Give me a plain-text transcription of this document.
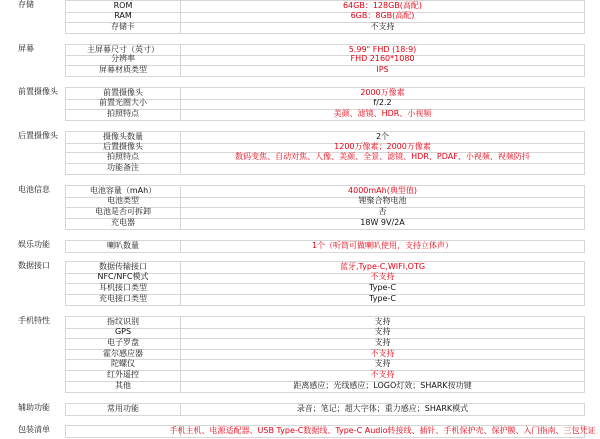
存储	ROM	64GB：128GB(高配)
RAM	6GB：8GB(高配)
存储卡	不支持
屏幕	主屏幕尺寸（英寸）	5.99" FHD (18:9)
分辨率	FHD 2160*1080
屏幕材质类型	IPS
前置摄像头	前置摄像头	2000万像素
前置光圈大小	f/2.2
拍照特点	美颜、滤镜、HDR、小视频
后置摄像头	摄像头数量	2个
后置摄像头	1200万像素；2000万像素
拍照特点	数码变焦、自动对焦、人像、美颜、全景、滤镜、HDR、PDAF、小视频、视频防抖
功能备注
电池信息	电池容量（mAh）	4000mAh(典型值)
电池类型	锂聚合物电池
电池是否可拆卸	否
充电器	18W 9V/2A
娱乐功能	喇叭数量	1个（听筒可做喇叭使用，支持立体声）
数据接口	数据传输接口	蓝牙,Type-C,WIFI,OTG
NFC/NFC模式	不支持
耳机接口类型	Type-C
充电接口类型	Type-C
手机特性	指纹识别	支持
GPS	支持
电子罗盘	支持
霍尔感应器	不支持
陀螺仪	支持
红外遥控	不支持
其他	距离感应；光线感应；LOGO灯效；SHARK按功键
辅助功能	常用功能	录音；笔记；超大字体；重力感应；SHARK模式
包装清单	手机主机、电源适配器、USB Type-C数据线、Type-C Audio转接线、插针、手机保护壳、保护膜、入门指南、三包凭证
